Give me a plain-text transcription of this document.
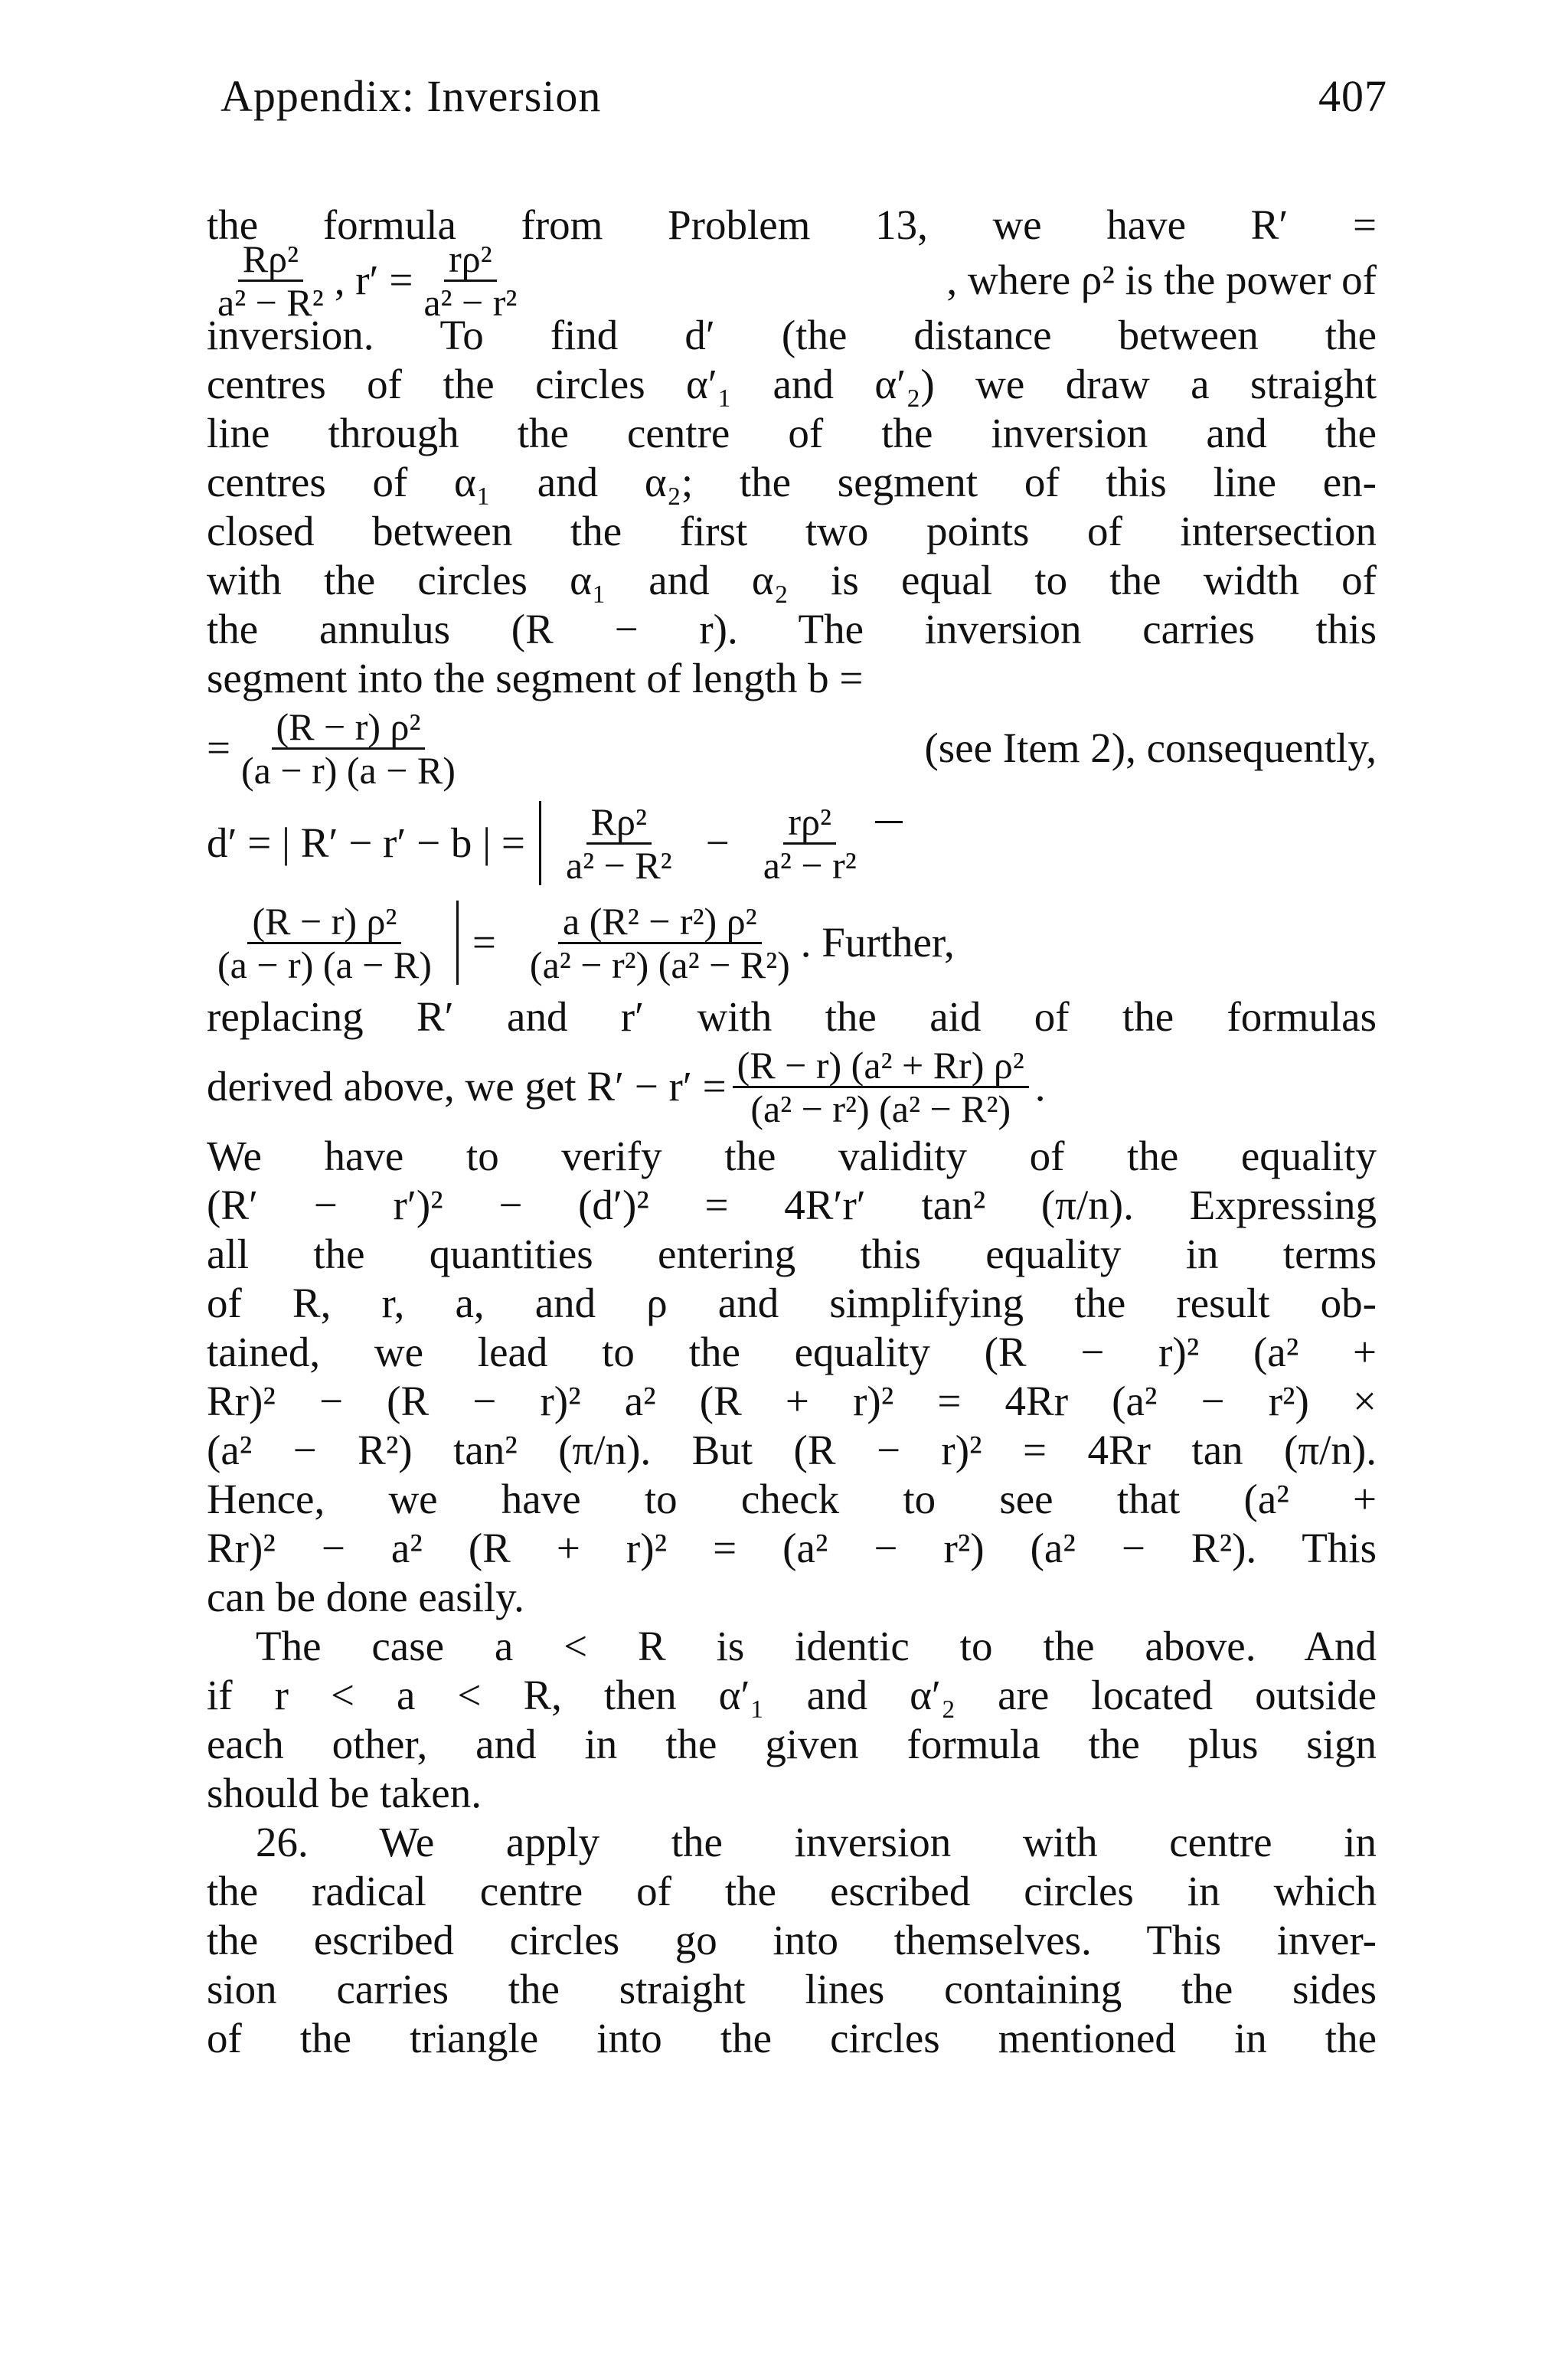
Appendix: Inversion	407
the formula from Problem 13, we have R′ =
$\frac{\text{Rρ²}}{\text{a² − R²}}$ , $r' = \frac{\text{rρ²}}{\text{a² − r²}}$	, where ρ² is the power of
inversion. To find d′ (the distance between the
centres of the circles α′₁ and α′₂) we draw a straight
line through the centre of the inversion and the
centres of α₁ and α₂; the segment of this line en-
closed between the first two points of intersection
with the circles α₁ and α₂ is equal to the width of
the annulus (R − r). The inversion carries this
segment into the segment of length b =
= $\frac{\text{(R − r) ρ²}}{(a - r) (a - R)}$	(see Item 2), consequently,
d′ = | R′ − r′ − b | = $\frac{\text{Rρ²}}{\text{a² − R²}} - \frac{\text{rρ²}}{\text{a² − r²}}$
$\frac{\text{(R − r) ρ²}}{(a - r) (a - R)} = \frac{\text{a (R² − r²) ρ²}}{\text{(a² − r²) (a² − R²)}}$ . Further,
replacing R′ and r′ with the aid of the formulas
derived above, we get $R' - r' = \frac{\text{(R − r) (a² + Rr) ρ²}}{\text{(a² − r²) (a² − R²)}}$ .
We have to verify the validity of the equality
(R′ − r′)² − (d′)² = 4R′r′ tan² (π/n). Expressing
all the quantities entering this equality in terms
of R, r, a, and ρ and simplifying the result ob-
tained, we lead to the equality (R − r)² (a² +
Rr)² − (R − r)² a² (R + r)² = 4Rr (a² − r²) ×
(a² − R²) tan² (π/n). But (R − r)² = 4Rr tan (π/n).
Hence, we have to check to see that (a² +
Rr)² − a² (R + r)² = (a² − r²) (a² − R²). This
can be done easily.
The case a < R is identic to the above. And
if r < a < R, then α′₁ and α′₂ are located outside
each other, and in the given formula the plus sign
should be taken.
26. We apply the inversion with centre in
the radical centre of the escribed circles in which
the escribed circles go into themselves. This inver-
sion carries the straight lines containing the sides
of the triangle into the circles mentioned in the
